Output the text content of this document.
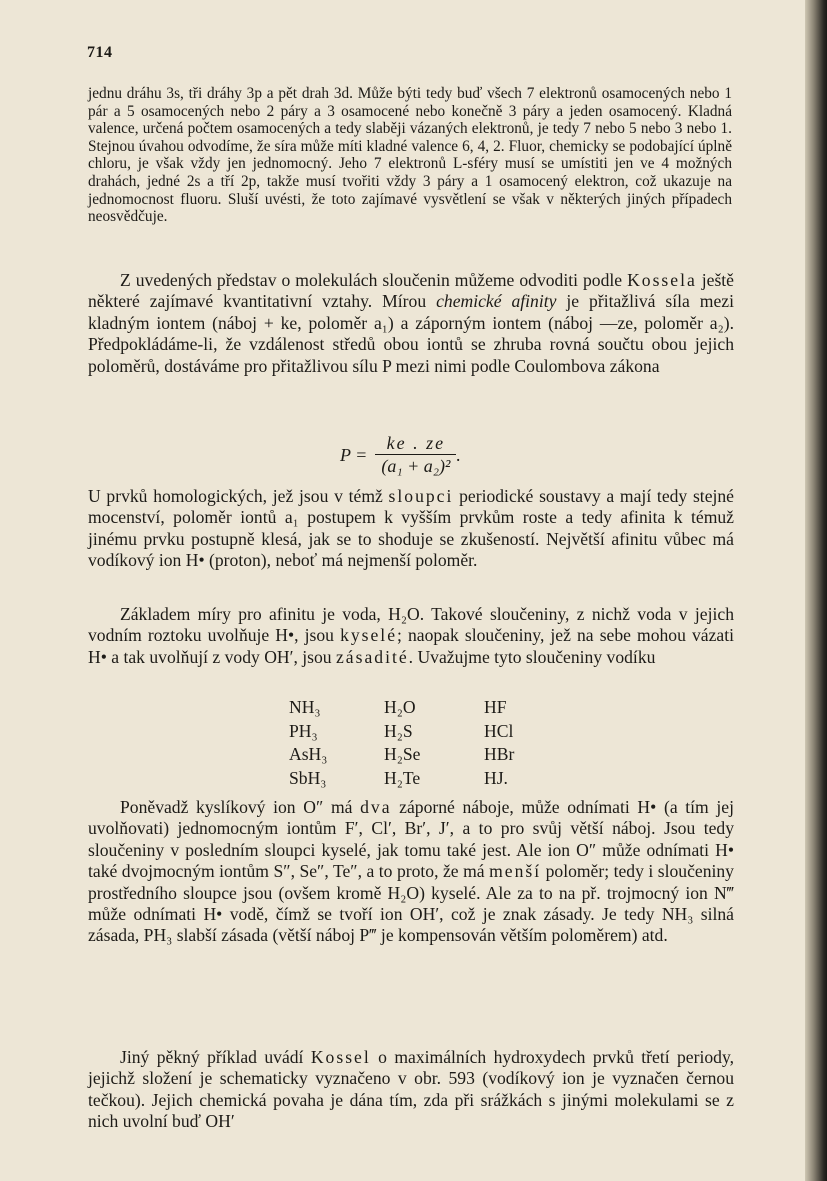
714

jednu dráhu 3s, tři dráhy 3p a pět drah 3d. Může býti tedy buď všech 7 elektronů osamocených nebo 1 pár a 5 osamocených nebo 2 páry a 3 osamocené nebo konečně 3 páry a jeden osamocený. Kladná valence, určená počtem osamocených a tedy slaběji vázaných elektronů, je tedy 7 nebo 5 nebo 3 nebo 1. Stejnou úvahou odvodíme, že síra může míti kladné valence 6, 4, 2. Fluor, chemicky se podobající úplně chloru, je však vždy jen jednomocný. Jeho 7 elektronů L-sféry musí se umístiti jen ve 4 možných drahách, jedné 2s a tří 2p, takže musí tvořiti vždy 3 páry a 1 osamocený elektron, což ukazuje na jednomocnost fluoru. Sluší uvésti, že toto zajímavé vysvětlení se však v některých jiných případech neosvědčuje.

Z uvedených představ o molekulách sloučenin můžeme odvoditi podle Kossela ještě některé zajímavé kvantitativní vztahy. Mírou chemické afinity je přitažlivá síla mezi kladným iontem (náboj + ke, poloměr a₁) a záporným iontem (náboj —ze, poloměr a₂). Předpokládáme-li, že vzdálenost středů obou iontů se zhruba rovná součtu obou jejich poloměrů, dostáváme pro přitažlivou sílu P mezi nimi podle Coulombova zákona

$P = \frac{ke . ze}{\text{(a₁ + a₂)²}}$ .

U prvků homologických, jež jsou v témž sloupci periodické soustavy a mají tedy stejné mocenství, poloměr iontů a₁ postupem k vyšším prvkům roste a tedy afinita k témuž jinému prvku postupně klesá, jak se to shoduje se zkušeností. Největší afinitu vůbec má vodíkový ion H• (proton), neboť má nejmenší poloměr.

Základem míry pro afinitu je voda, H₂O. Takové sloučeniny, z nichž voda v jejich vodním roztoku uvolňuje H•, jsou kyselé; naopak sloučeniny, jež na sebe mohou vázati H• a tak uvolňují z vody OH′, jsou zásadité. Uvažujme tyto sloučeniny vodíku

NH₃	H₂O	HF
PH₃	H₂S	HCl
AsH₃	H₂Se	HBr
SbH₃	H₂Te	HJ.

Poněvadž kyslíkový ion O″ má dva záporné náboje, může odnímati H• (a tím jej uvolňovati) jednomocným iontům F′, Cl′, Br′, J′, a to pro svůj větší náboj. Jsou tedy sloučeniny v posledním sloupci kyselé, jak tomu také jest. Ale ion O″ může odnímati H• také dvojmocným iontům S″, Se″, Te″, a to proto, že má menší poloměr; tedy i sloučeniny prostředního sloupce jsou (ovšem kromě H₂O) kyselé. Ale za to na př. trojmocný ion N‴ může odnímati H• vodě, čímž se tvoří ion OH′, což je znak zásady. Je tedy NH₃ silná zásada, PH₃ slabší zásada (větší náboj P‴ je kompensován větším poloměrem) atd.

Jiný pěkný příklad uvádí Kossel o maximálních hydroxydech prvků třetí periody, jejichž složení je schematicky vyznačeno v obr. 593 (vodíkový ion je vyznačen černou tečkou). Jejich chemická povaha je dána tím, zda při srážkách s jinými molekulami se z nich uvolní buď OH′
